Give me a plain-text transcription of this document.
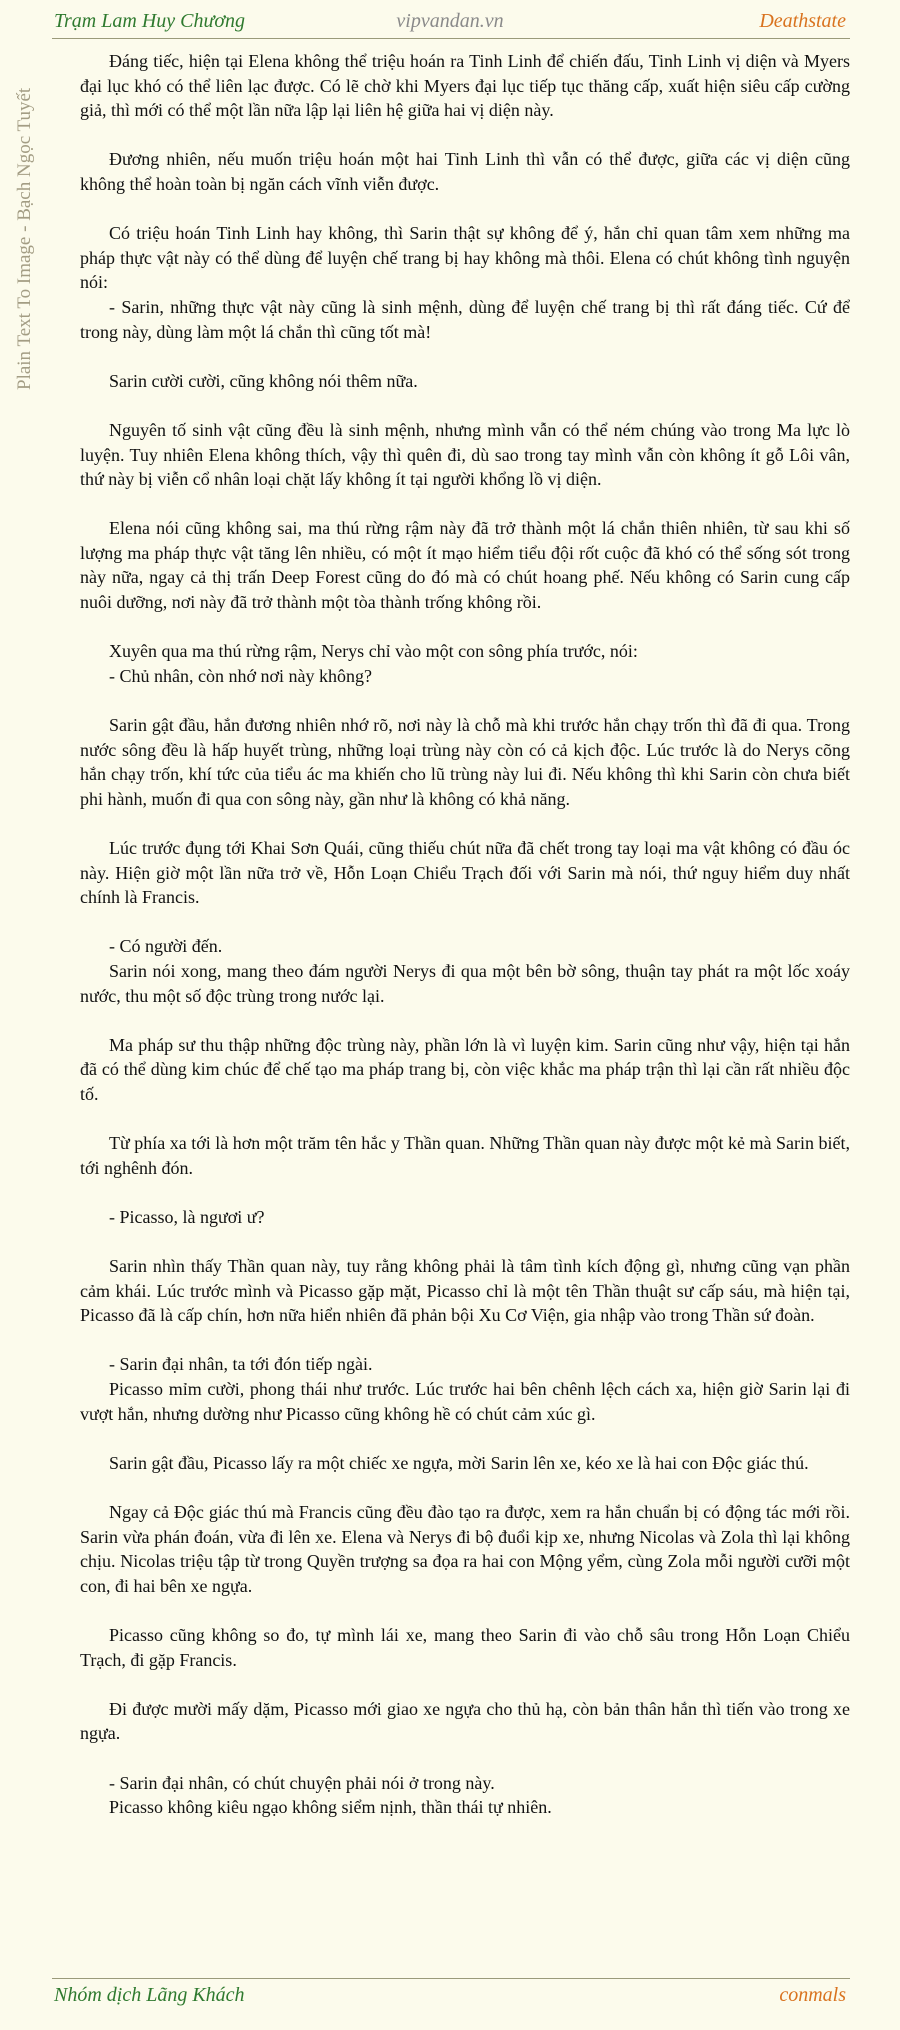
vipvandan.vn
Trạm Lam Huy Chương	Deathstate
Plain Text To Image - Bạch Ngọc Tuyết

Đáng tiếc, hiện tại Elena không thể triệu hoán ra Tinh Linh để chiến đấu, Tinh Linh vị diện và Myers đại lục khó có thể liên lạc được. Có lẽ chờ khi Myers đại lục tiếp tục thăng cấp, xuất hiện siêu cấp cường giả, thì mới có thể một lần nữa lập lại liên hệ giữa hai vị diện này.

Đương nhiên, nếu muốn triệu hoán một hai Tinh Linh thì vẫn có thể được, giữa các vị diện cũng không thể hoàn toàn bị ngăn cách vĩnh viễn được.

Có triệu hoán Tinh Linh hay không, thì Sarin thật sự không để ý, hắn chỉ quan tâm xem những ma pháp thực vật này có thể dùng để luyện chế trang bị hay không mà thôi. Elena có chút không tình nguyện nói:

- Sarin, những thực vật này cũng là sinh mệnh, dùng để luyện chế trang bị thì rất đáng tiếc. Cứ để trong này, dùng làm một lá chắn thì cũng tốt mà!

Sarin cười cười, cũng không nói thêm nữa.

Nguyên tố sinh vật cũng đều là sinh mệnh, nhưng mình vẫn có thể ném chúng vào trong Ma lực lò luyện. Tuy nhiên Elena không thích, vậy thì quên đi, dù sao trong tay mình vẫn còn không ít gỗ Lôi vân, thứ này bị viễn cổ nhân loại chặt lấy không ít tại người khổng lồ vị diện.

Elena nói cũng không sai, ma thú rừng rậm này đã trở thành một lá chắn thiên nhiên, từ sau khi số lượng ma pháp thực vật tăng lên nhiều, có một ít mạo hiểm tiểu đội rốt cuộc đã khó có thể sống sót trong này nữa, ngay cả thị trấn Deep Forest cũng do đó mà có chút hoang phế. Nếu không có Sarin cung cấp nuôi dưỡng, nơi này đã trở thành một tòa thành trống không rồi.

Xuyên qua ma thú rừng rậm, Nerys chỉ vào một con sông phía trước, nói:

- Chủ nhân, còn nhớ nơi này không?

Sarin gật đầu, hắn đương nhiên nhớ rõ, nơi này là chỗ mà khi trước hắn chạy trốn thì đã đi qua. Trong nước sông đều là hấp huyết trùng, những loại trùng này còn có cả kịch độc. Lúc trước là do Nerys cõng hắn chạy trốn, khí tức của tiểu ác ma khiến cho lũ trùng này lui đi. Nếu không thì khi Sarin còn chưa biết phi hành, muốn đi qua con sông này, gần như là không có khả năng.

Lúc trước đụng tới Khai Sơn Quái, cũng thiếu chút nữa đã chết trong tay loại ma vật không có đầu óc này. Hiện giờ một lần nữa trở về, Hỗn Loạn Chiểu Trạch đối với Sarin mà nói, thứ nguy hiểm duy nhất chính là Francis.

- Có người đến.

Sarin nói xong, mang theo đám người Nerys đi qua một bên bờ sông, thuận tay phát ra một lốc xoáy nước, thu một số độc trùng trong nước lại.

Ma pháp sư thu thập những độc trùng này, phần lớn là vì luyện kim. Sarin cũng như vậy, hiện tại hắn đã có thể dùng kim chúc để chế tạo ma pháp trang bị, còn việc khắc ma pháp trận thì lại cần rất nhiều độc tố.

Từ phía xa tới là hơn một trăm tên hắc y Thần quan. Những Thần quan này được một kẻ mà Sarin biết, tới nghênh đón.

- Picasso, là ngươi ư?

Sarin nhìn thấy Thần quan này, tuy rằng không phải là tâm tình kích động gì, nhưng cũng vạn phần cảm khái. Lúc trước mình và Picasso gặp mặt, Picasso chỉ là một tên Thần thuật sư cấp sáu, mà hiện tại, Picasso đã là cấp chín, hơn nữa hiển nhiên đã phản bội Xu Cơ Viện, gia nhập vào trong Thần sứ đoàn.

- Sarin đại nhân, ta tới đón tiếp ngài.

Picasso mỉm cười, phong thái như trước. Lúc trước hai bên chênh lệch cách xa, hiện giờ Sarin lại đi vượt hắn, nhưng dường như Picasso cũng không hề có chút cảm xúc gì.

Sarin gật đầu, Picasso lấy ra một chiếc xe ngựa, mời Sarin lên xe, kéo xe là hai con Độc giác thú.

Ngay cả Độc giác thú mà Francis cũng đều đào tạo ra được, xem ra hắn chuẩn bị có động tác mới rồi. Sarin vừa phán đoán, vừa đi lên xe. Elena và Nerys đi bộ đuổi kịp xe, nhưng Nicolas và Zola thì lại không chịu. Nicolas triệu tập từ trong Quyền trượng sa đọa ra hai con Mộng yểm, cùng Zola mỗi người cưỡi một con, đi hai bên xe ngựa.

Picasso cũng không so đo, tự mình lái xe, mang theo Sarin đi vào chỗ sâu trong Hỗn Loạn Chiểu Trạch, đi gặp Francis.

Đi được mười mấy dặm, Picasso mới giao xe ngựa cho thủ hạ, còn bản thân hắn thì tiến vào trong xe ngựa.

- Sarin đại nhân, có chút chuyện phải nói ở trong này.

Picasso không kiêu ngạo không siểm nịnh, thần thái tự nhiên.

Nhóm dịch Lãng Khách	conmals
